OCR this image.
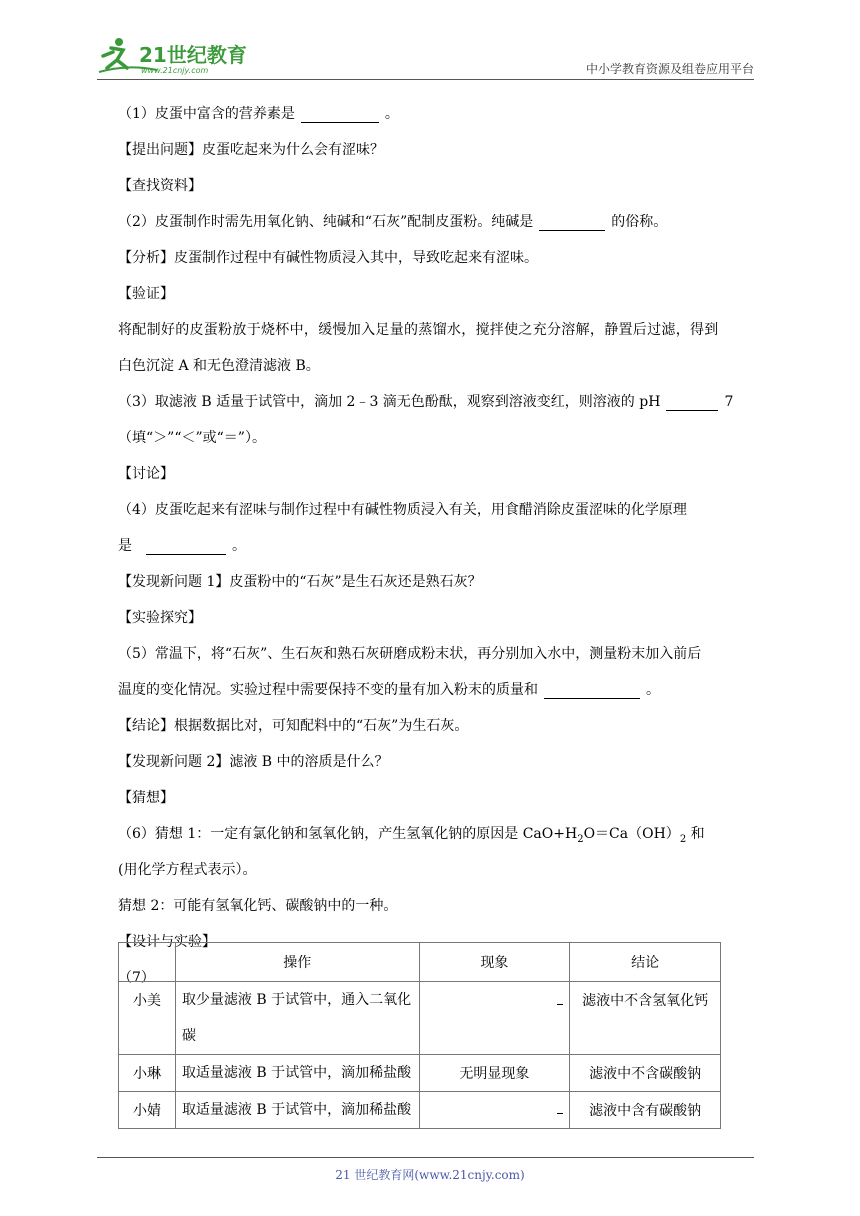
21世纪教育
www.21cnjy.com	中小学教育资源及组卷应用平台
（1）皮蛋中富含的营养素是	。
【提出问题】皮蛋吃起来为什么会有涩味？
【查找资料】
（2）皮蛋制作时需先用氧化钠、纯碱和“石灰”配制皮蛋粉。纯碱是	的俗称。
【分析】皮蛋制作过程中有碱性物质浸入其中，导致吃起来有涩味。
【验证】
将配制好的皮蛋粉放于烧杯中，缓慢加入足量的蒸馏水，搅拌使之充分溶解，静置后过滤，得到
白色沉淀 A 和无色澄清滤液 B。
（3）取滤液 B 适量于试管中，滴加 2﹣3 滴无色酚酞，观察到溶液变红，则溶液的 pH	7
（填“＞”“＜”或“＝”）。
【讨论】
（4）皮蛋吃起来有涩味与制作过程中有碱性物质浸入有关，用食醋消除皮蛋涩味的化学原理
是	。
【发现新问题 1】皮蛋粉中的“石灰”是生石灰还是熟石灰？
【实验探究】
（5）常温下，将“石灰”、生石灰和熟石灰研磨成粉末状，再分别加入水中，测量粉末加入前后
温度的变化情况。实验过程中需要保持不变的量有加入粉末的质量和	。
【结论】根据数据比对，可知配料中的“石灰”为生石灰。
【发现新问题 2】滤液 B 中的溶质是什么？
【猜想】
（6）猜想 1：一定有氯化钠和氢氧化钠，产生氢氧化钠的原因是 $CaO+H_2O=Ca(OH)_2$ 和
(用化学方程式表示）。
猜想 2：可能有氢氧化钙、碳酸钠中的一种。
【设计与实验】
（7）
	操作	现象	结论
小美	取少量滤液 B 于试管中，通入二氧化碳		滤液中不含氢氧化钙
小琳	取适量滤液 B 于试管中，滴加稀盐酸	无明显现象	滤液中不含碳酸钠
小婧	取适量滤液 B 于试管中，滴加稀盐酸		滤液中含有碳酸钠
21 世纪教育网(www.21cnjy.com)
